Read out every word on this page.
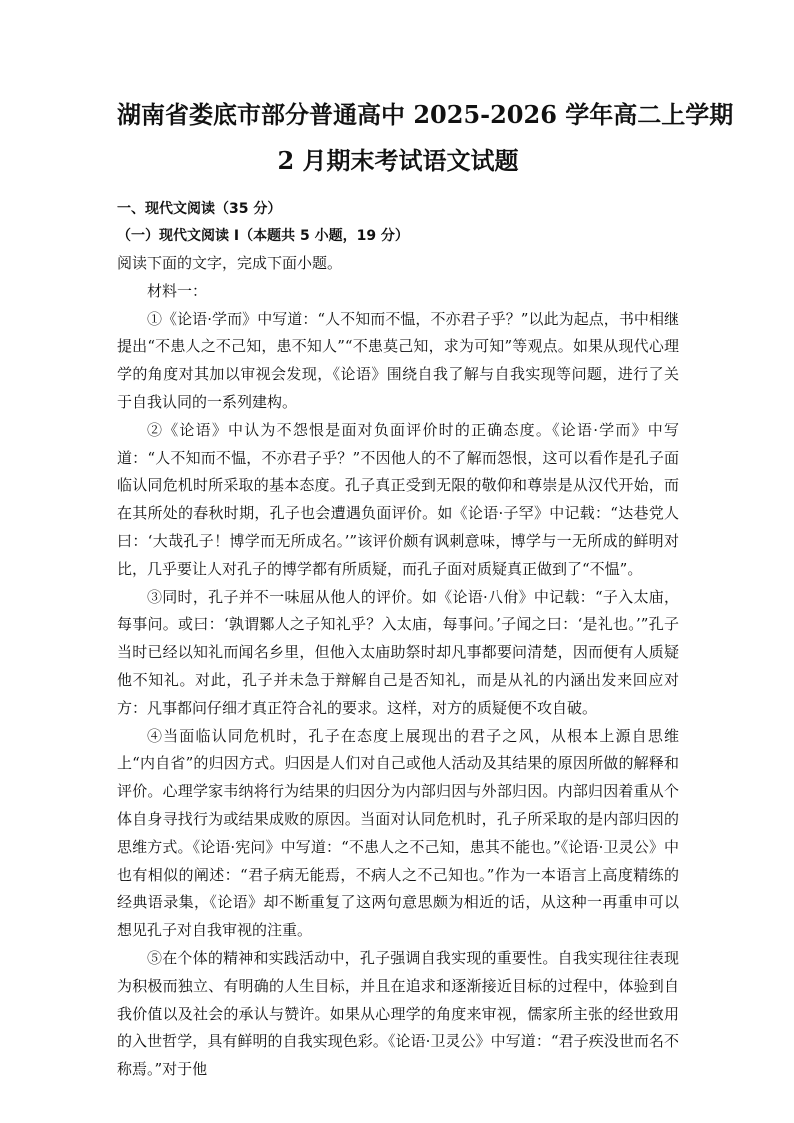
湖南省娄底市部分普通高中 2025-2026 学年高二上学期
2 月期末考试语文试题

一、现代文阅读（35 分）

（一）现代文阅读 I（本题共 5 小题，19 分）

阅读下面的文字，完成下面小题。

材料一：

①《论语·学而》中写道：“人不知而不愠，不亦君子乎？”以此为起点，书中相继提出“不患人之不己知，患不知人”“不患莫己知，求为可知”等观点。如果从现代心理学的角度对其加以审视会发现，《论语》围绕自我了解与自我实现等问题，进行了关于自我认同的一系列建构。

②《论语》中认为不怨恨是面对负面评价时的正确态度。《论语·学而》中写道：“人不知而不愠，不亦君子乎？”不因他人的不了解而怨恨，这可以看作是孔子面临认同危机时所采取的基本态度。孔子真正受到无限的敬仰和尊崇是从汉代开始，而在其所处的春秋时期，孔子也会遭遇负面评价。如《论语·子罕》中记载：“达巷党人曰：‘大哉孔子！博学而无所成名。’”该评价颇有讽刺意味，博学与一无所成的鲜明对比，几乎要让人对孔子的博学都有所质疑，而孔子面对质疑真正做到了“不愠”。

③同时，孔子并不一味屈从他人的评价。如《论语·八佾》中记载：“子入太庙，每事问。或曰：‘孰谓鄹人之子知礼乎？入太庙，每事问。’子闻之曰：‘是礼也。’”孔子当时已经以知礼而闻名乡里，但他入太庙助祭时却凡事都要问清楚，因而便有人质疑他不知礼。对此，孔子并未急于辩解自己是否知礼，而是从礼的内涵出发来回应对方：凡事都问仔细才真正符合礼的要求。这样，对方的质疑便不攻自破。

④当面临认同危机时，孔子在态度上展现出的君子之风，从根本上源自思维上“内自省”的归因方式。归因是人们对自己或他人活动及其结果的原因所做的解释和评价。心理学家韦纳将行为结果的归因分为内部归因与外部归因。内部归因着重从个体自身寻找行为或结果成败的原因。当面对认同危机时，孔子所采取的是内部归因的思维方式。《论语·宪问》中写道：“不患人之不己知，患其不能也。”《论语·卫灵公》中也有相似的阐述：“君子病无能焉，不病人之不己知也。”作为一本语言上高度精练的经典语录集，《论语》却不断重复了这两句意思颇为相近的话，从这种一再重申可以想见孔子对自我审视的注重。

⑤在个体的精神和实践活动中，孔子强调自我实现的重要性。自我实现往往表现为积极而独立、有明确的人生目标，并且在追求和逐渐接近目标的过程中，体验到自我价值以及社会的承认与赞许。如果从心理学的角度来审视，儒家所主张的经世致用的入世哲学，具有鲜明的自我实现色彩。《论语·卫灵公》中写道：“君子疾没世而名不称焉。”对于他
